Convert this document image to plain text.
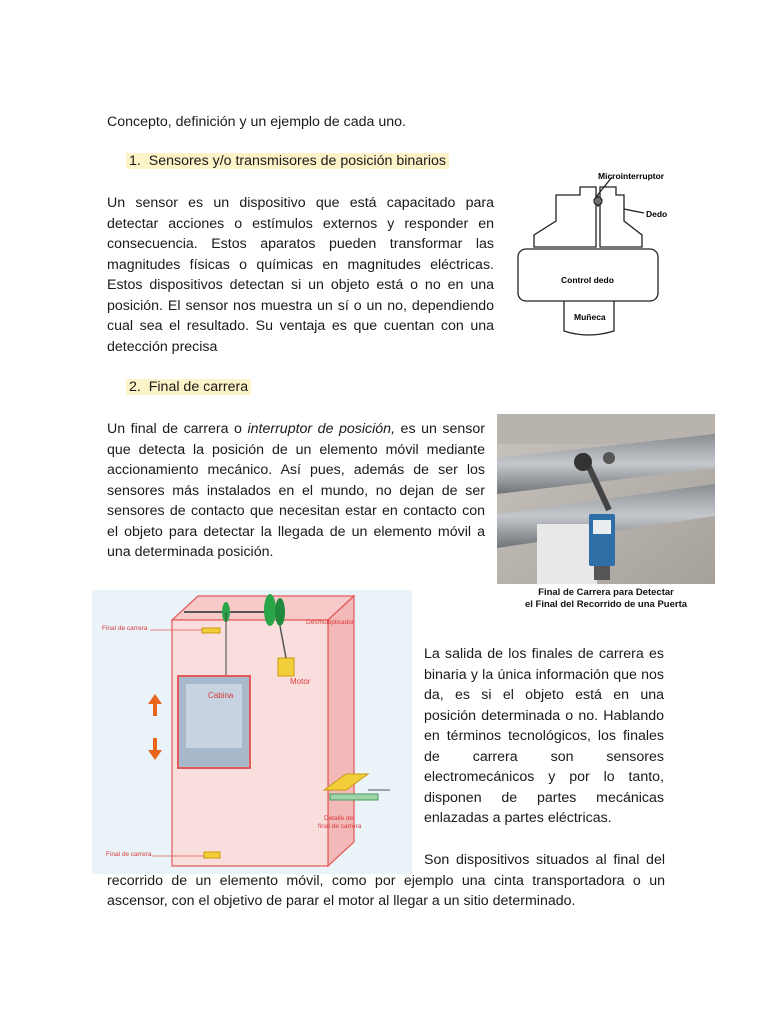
Concepto, definición y un ejemplo de cada uno.

1. Sensores y/o transmisores de posición binarios

Un sensor es un dispositivo que está capacitado para detectar acciones o estímulos externos y responder en consecuencia. Estos aparatos pueden transformar las magnitudes físicas o químicas en magnitudes eléctricas. Estos dispositivos detectan si un objeto está o no en una posición. El sensor nos muestra un sí o un no, dependiendo cual sea el resultado. Su ventaja es que cuentan con una detección precisa

Microinterruptor
Dedo
Control dedo
Muñeca
2. Final de carrera

Un final de carrera o interruptor de posición, es un sensor que detecta la posición de un elemento móvil mediante accionamiento mecánico. Así pues, además de ser los sensores más instalados en el mundo, no dejan de ser sensores de contacto que necesitan estar en contacto con el objeto para detectar la llegada de un elemento móvil a una determinada posición.

Final de Carrera para Detectar
el Final del Recorrido de una Puerta
Desmultiplicador
Final de carrera
Motor
Cabina
Detalle del
final de carrera
Final de carrera

La salida de los finales de carrera es binaria y la única información que nos da, es si el objeto está en una posición determinada o no. Hablando en términos tecnológicos, los finales de carrera son sensores electromecánicos y por lo tanto, disponen de partes mecánicas enlazadas a partes eléctricas.

Son dispositivos situados al final del recorrido de un elemento móvil, como por ejemplo una cinta transportadora o un ascensor, con el objetivo de parar el motor al llegar a un sitio determinado.
